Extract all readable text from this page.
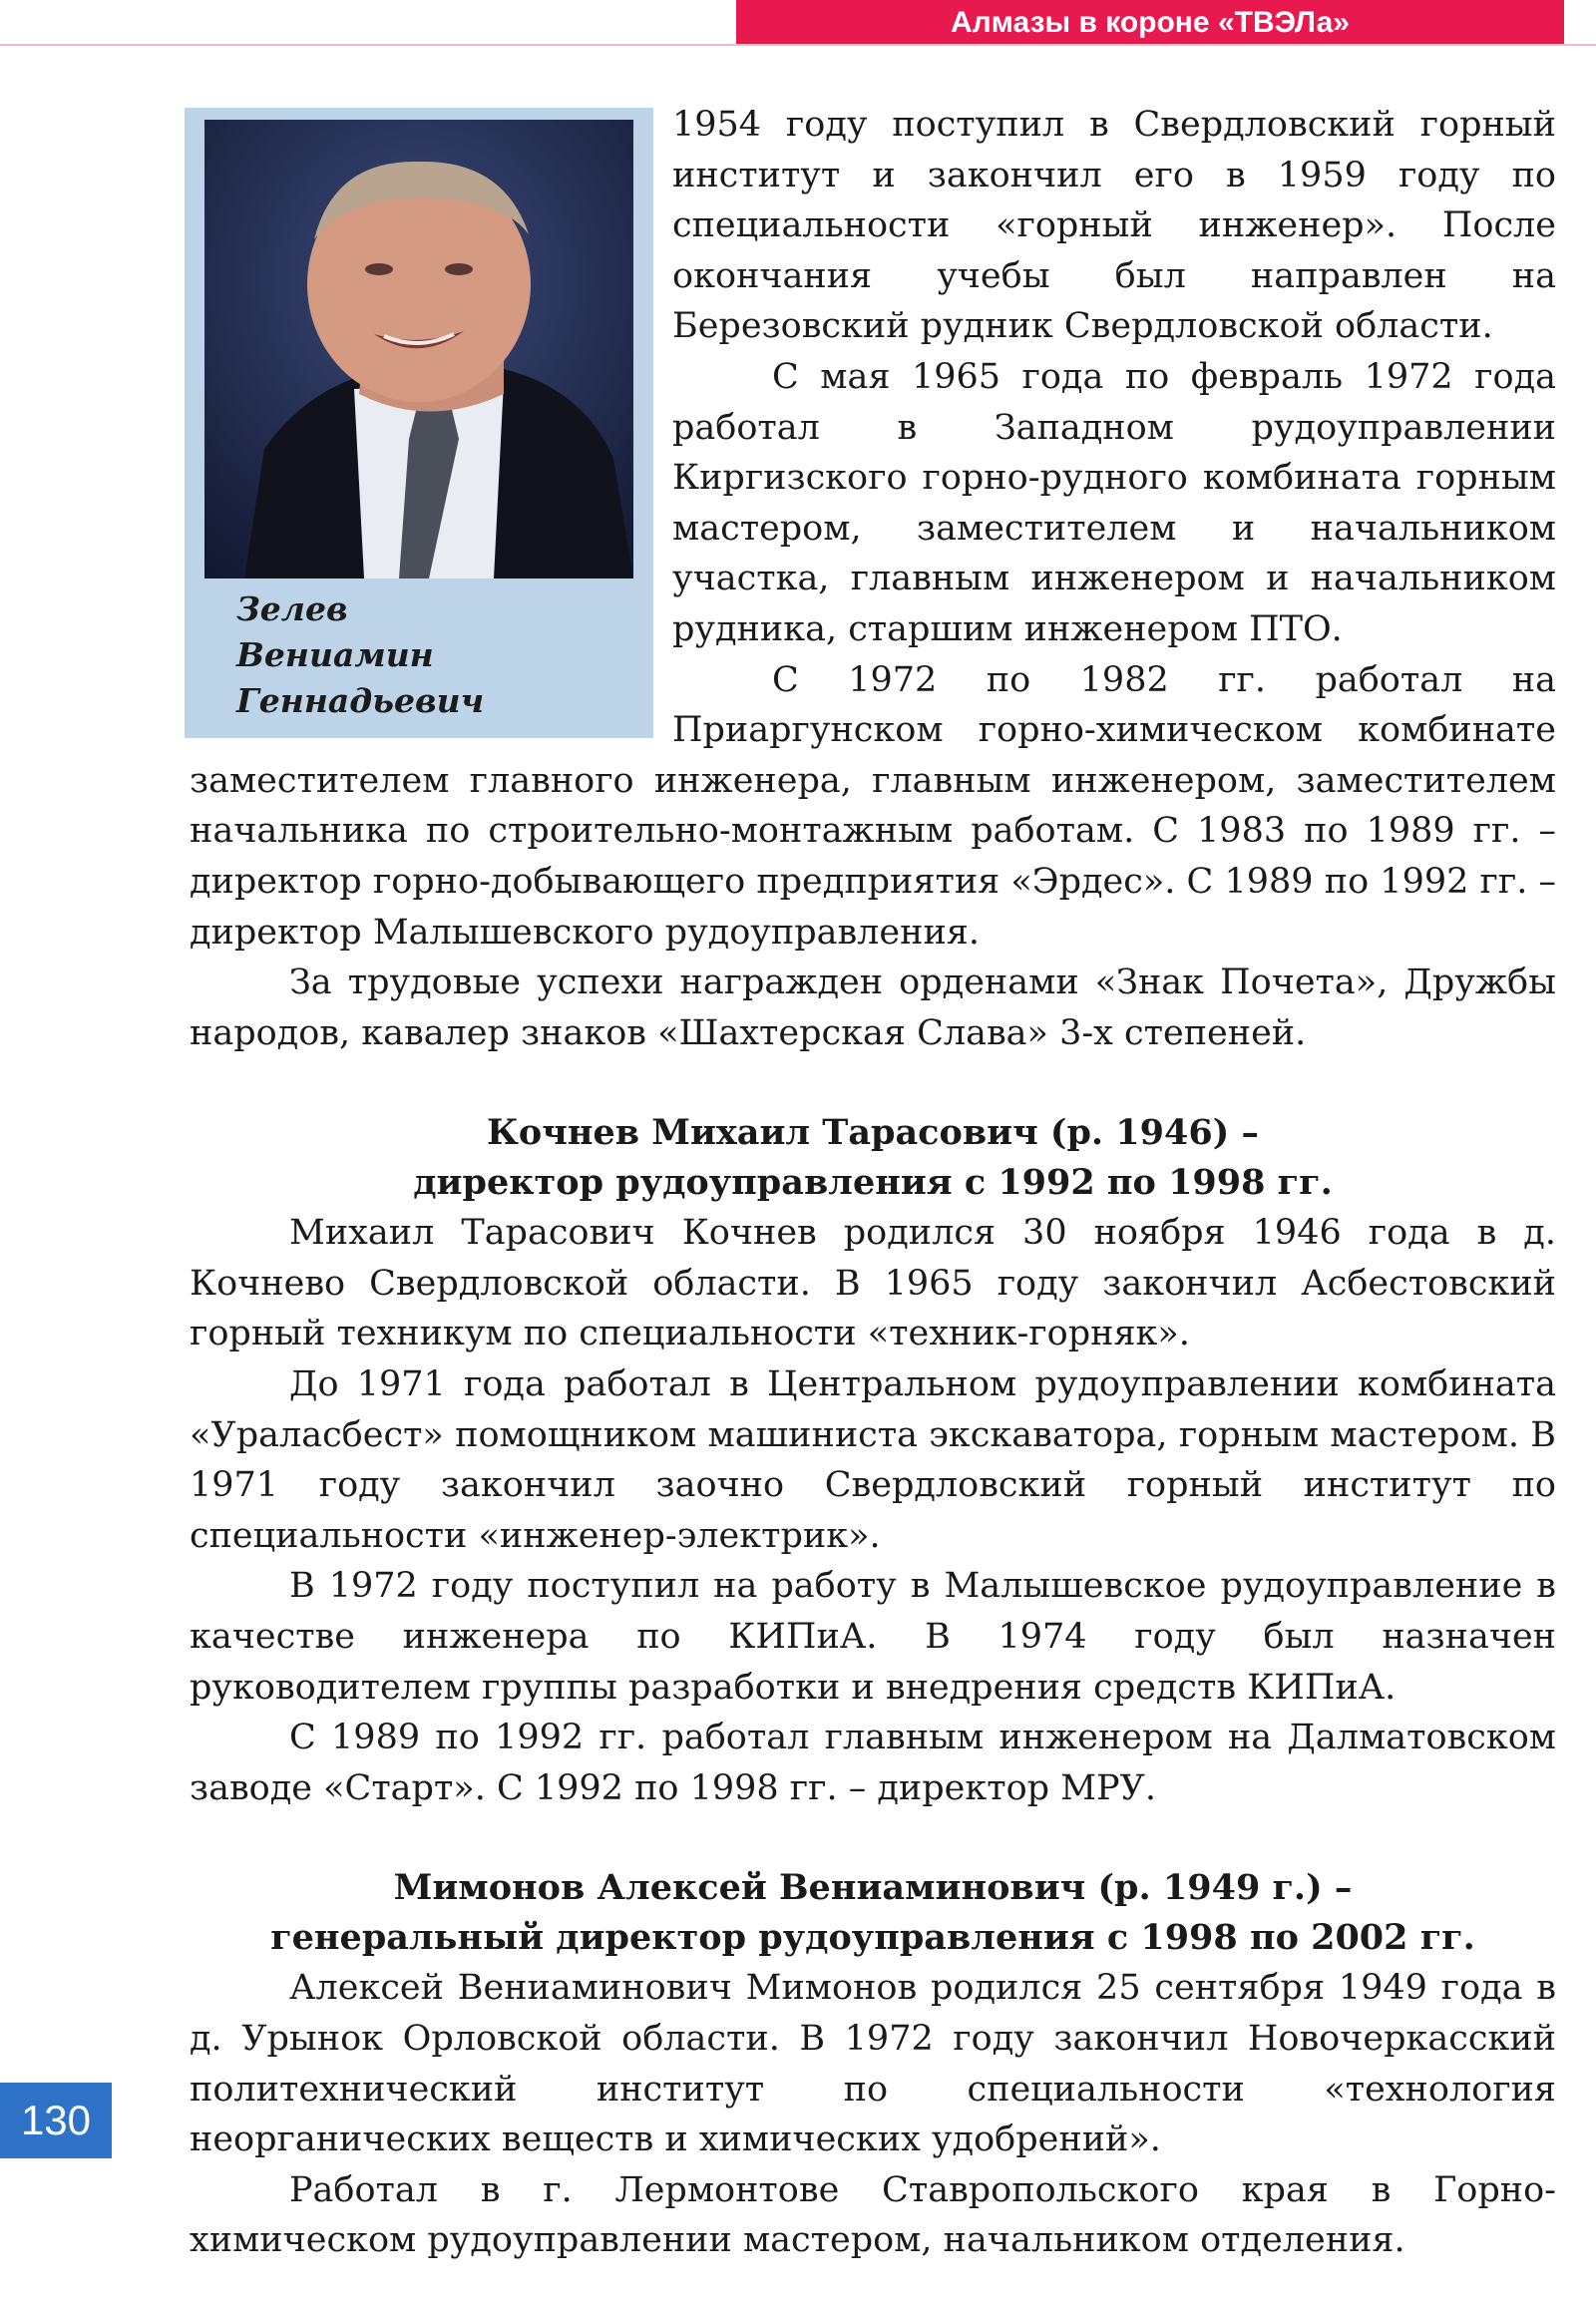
Алмазы в короне «ТВЭЛа»
Зелев
Вениамин
Геннадьевич

1954 году поступил в Свердловский горный институт и закончил его в 1959 году по специальности «горный инженер». После окончания учебы был направлен на Березовский рудник Свердловской области.

С мая 1965 года по февраль 1972 года работал в Западном рудоуправлении Киргизского горно-рудного комбината горным мастером, заместителем и начальником участка, главным инженером и начальником рудника, старшим инженером ПТО.

С 1972 по 1982 гг. работал на Приаргунском горно-химическом комбинате заместителем главного инженера, главным инженером, заместителем начальника по строительно-монтажным работам. С 1983 по 1989 гг. – директор горно-добывающего предприятия «Эрдес». С 1989 по 1992 гг. – директор Малышевского рудоуправления.

За трудовые успехи награжден орденами «Знак Почета», Дружбы народов, кавалер знаков «Шахтерская Слава» 3-х степеней.

Кочнев Михаил Тарасович (р. 1946) –
директор рудоуправления с 1992 по 1998 гг.

Михаил Тарасович Кочнев родился 30 ноября 1946 года в д. Кочнево Свердловской области. В 1965 году закончил Асбестовский горный техникум по специальности «техник-горняк».

До 1971 года работал в Центральном рудоуправлении комбината «Ураласбест» помощником машиниста экскаватора, горным мастером. В 1971 году закончил заочно Свердловский горный институт по специальности «инженер-электрик».

В 1972 году поступил на работу в Малышевское рудоуправление в качестве инженера по КИПиА. В 1974 году был назначен руководителем группы разработки и внедрения средств КИПиА.

С 1989 по 1992 гг. работал главным инженером на Далматовском заводе «Старт». С 1992 по 1998 гг. – директор МРУ.

Мимонов Алексей Вениаминович (р. 1949 г.) –
генеральный директор рудоуправления с 1998 по 2002 гг.

Алексей Вениаминович Мимонов родился 25 сентября 1949 года в д. Урынок Орловской области. В 1972 году закончил Новочеркасский политехнический институт по специальности «технология неорганических веществ и химических удобрений».

Работал в г. Лермонтове Ставропольского края в Горно-химическом рудоуправлении мастером, начальником отделения.

130
